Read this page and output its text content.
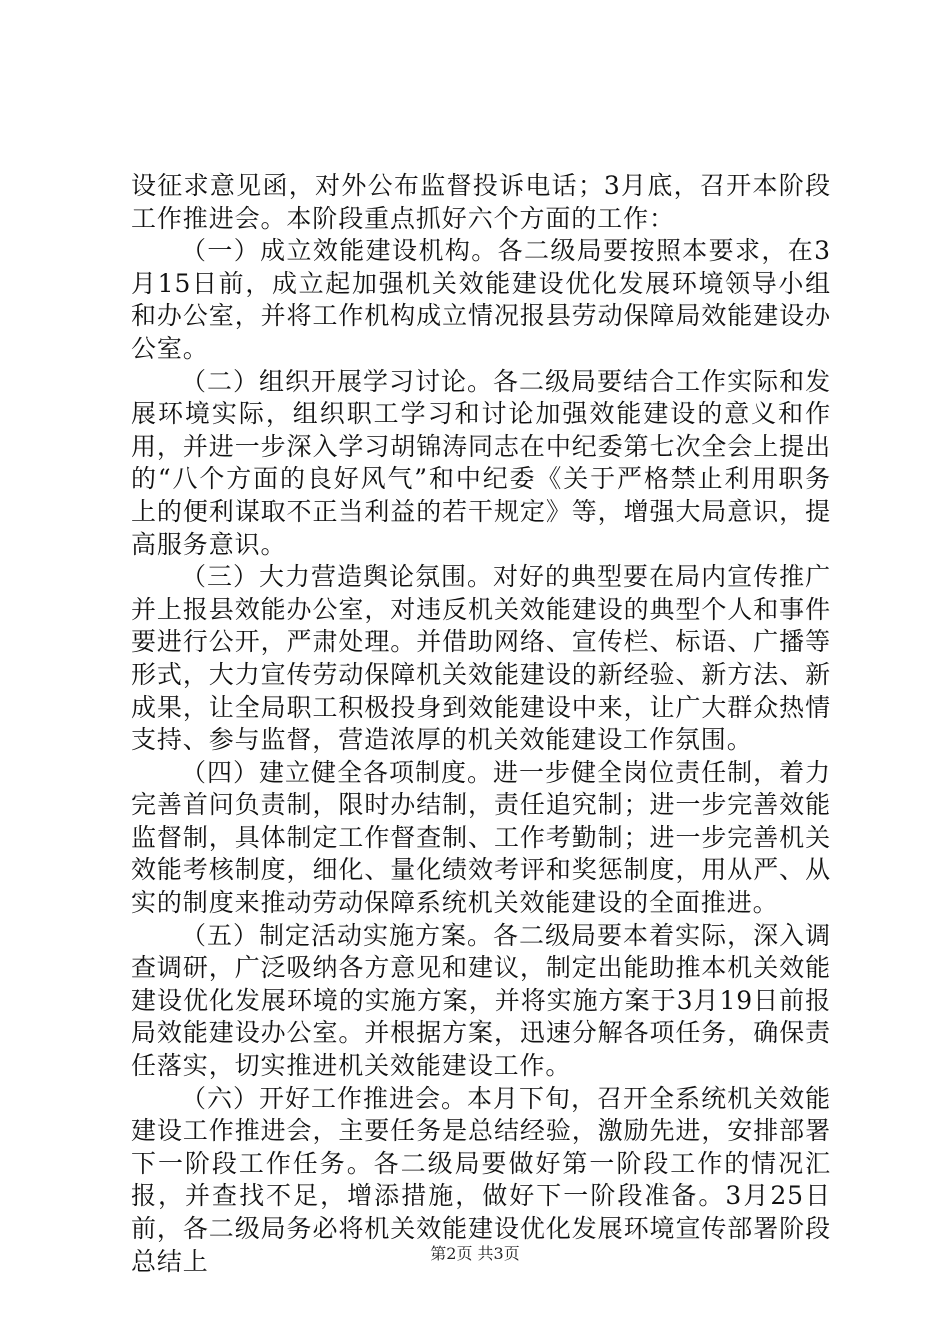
设征求意见函，对外公布监督投诉电话；3月底，召开本阶段工作推进会。本阶段重点抓好六个方面的工作：

（一）成立效能建设机构。各二级局要按照本要求，在3月15日前，成立起加强机关效能建设优化发展环境领导小组和办公室，并将工作机构成立情况报县劳动保障局效能建设办公室。

（二）组织开展学习讨论。各二级局要结合工作实际和发展环境实际，组织职工学习和讨论加强效能建设的意义和作用，并进一步深入学习胡锦涛同志在中纪委第七次全会上提出的“八个方面的良好风气”和中纪委《关于严格禁止利用职务上的便利谋取不正当利益的若干规定》等，增强大局意识，提高服务意识。

（三）大力营造舆论氛围。对好的典型要在局内宣传推广并上报县效能办公室，对违反机关效能建设的典型个人和事件要进行公开，严肃处理。并借助网络、宣传栏、标语、广播等形式，大力宣传劳动保障机关效能建设的新经验、新方法、新成果，让全局职工积极投身到效能建设中来，让广大群众热情支持、参与监督，营造浓厚的机关效能建设工作氛围。

（四）建立健全各项制度。进一步健全岗位责任制，着力完善首问负责制，限时办结制，责任追究制；进一步完善效能监督制，具体制定工作督查制、工作考勤制；进一步完善机关效能考核制度，细化、量化绩效考评和奖惩制度，用从严、从实的制度来推动劳动保障系统机关效能建设的全面推进。

（五）制定活动实施方案。各二级局要本着实际，深入调查调研，广泛吸纳各方意见和建议，制定出能助推本机关效能建设优化发展环境的实施方案，并将实施方案于3月19日前报局效能建设办公室。并根据方案，迅速分解各项任务，确保责任落实，切实推进机关效能建设工作。

（六）开好工作推进会。本月下旬，召开全系统机关效能建设工作推进会，主要任务是总结经验，激励先进，安排部署下一阶段工作任务。各二级局要做好第一阶段工作的情况汇报，并查找不足，增添措施，做好下一阶段准备。3月25日前，各二级局务必将机关效能建设优化发展环境宣传部署阶段总结上	第2页 共3页
